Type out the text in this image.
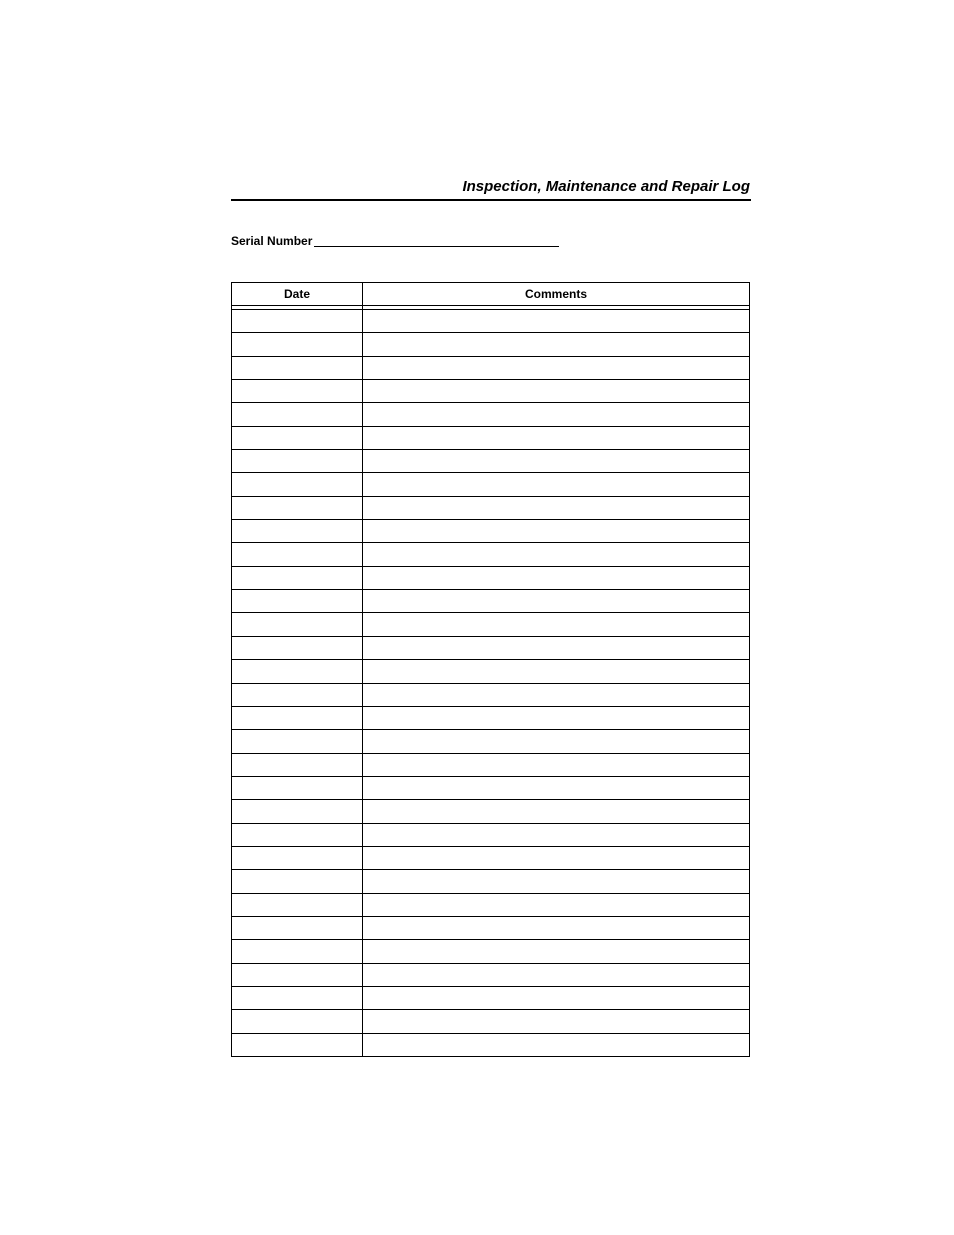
Inspection, Maintenance and Repair Log
Serial Number
Date	Comments
